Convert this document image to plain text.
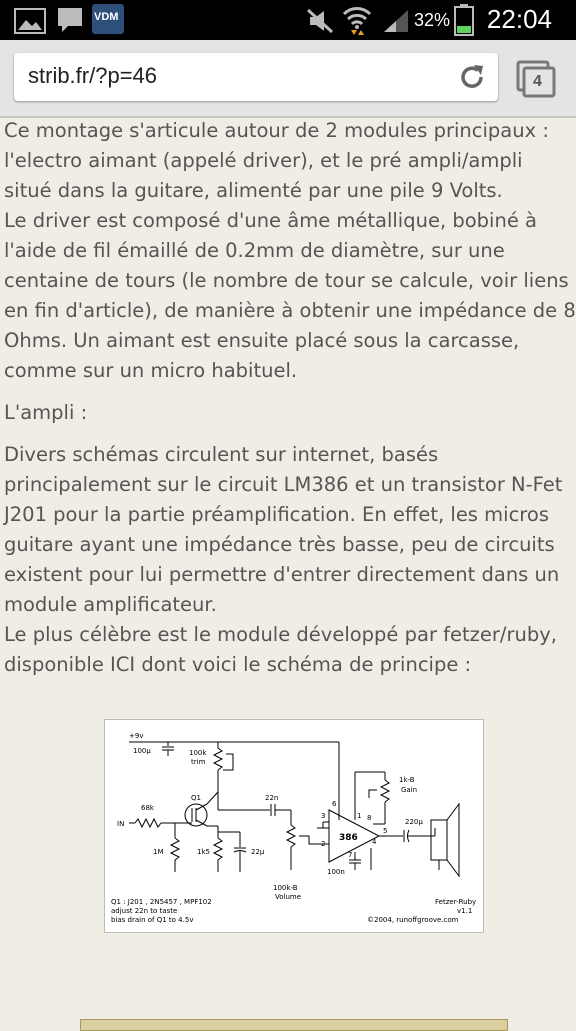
VDM	32% 22:04
strib.fr/?p=46	4

Ce montage s'articule autour de 2 modules principaux : l'electro aimant (appelé driver), et le pré ampli/ampli situé dans la guitare, alimenté par une pile 9 Volts.

Le driver est composé d'une âme métallique, bobiné à l'aide de fil émaillé de 0.2mm de diamètre, sur une centaine de tours (le nombre de tour se calcule, voir liens en fin d'article), de manière à obtenir une impédance de 8 Ohms. Un aimant est ensuite placé sous la carcasse, comme sur un micro habituel.

L'ampli :

Divers schémas circulent sur internet, basés principalement sur le circuit LM386 et un transistor N-Fet J201 pour la partie préamplification. En effet, les micros guitare ayant une impédance très basse, peu de circuits existent pour lui permettre d'entrer directement dans un module amplificateur.

Le plus célèbre est le module développé par fetzer/ruby, disponible ICI dont voici le schéma de principe :

+9v
100µ	100k
trim
Q1
68k
IN
1M	1k5	22µ
22n
100k-B
Volume
1k-B
Gain
386
100n
220µ
3
2
6
1 8
5
4
7
Q1 : J201 , 2N5457 , MPF102
adjust 22n to taste
bias drain of Q1 to 4.5v
Fetzer-Ruby
v1.1
©2004, runoffgroove.com
